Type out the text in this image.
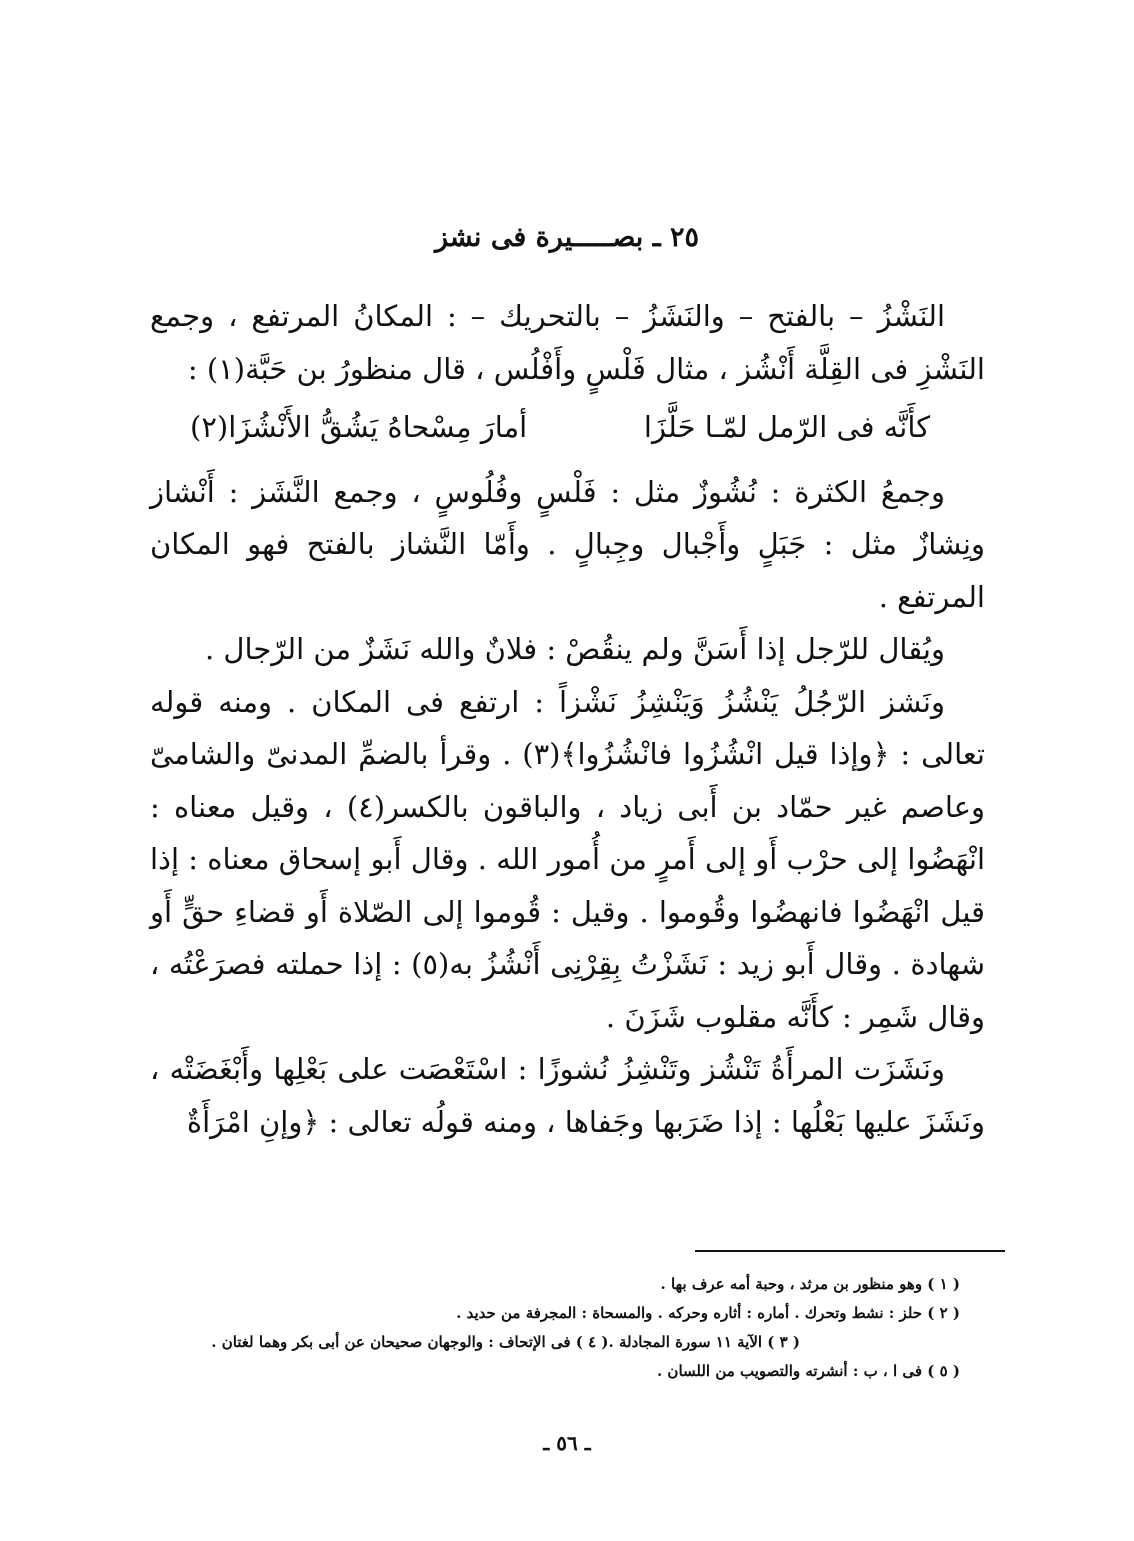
٢٥ ـ بصـــــيرة فى نشز

النَشْزُ – بالفتح – والنَشَزُ – بالتحريك – : المكانُ المرتفع ، وجمع النَشْزِ فى القِلَّة أَنْشُز ، مثال فَلْسٍ وأَفْلُس ، قال منظورُ بن حَبَّة(١) :

كأَنَّه فى الرّمل لمّـا حَلَّزَا
أمارَ مِسْحاهُ يَشُقُّ الأَنْشُزَا(٢)

وجمعُ الكثرة : نُشُوزٌ مثل : فَلْسٍ وفُلُوسٍ ، وجمع النَّشَز : أَنْشاز ونِشازٌ مثل : جَبَلٍ وأَجْبال وجِبالٍ . وأَمّا النَّشاز بالفتح فهو المكان المرتفع .

ويُقال للرّجل إذا أَسَنَّ ولم ينقُصْ : فلانٌ والله نَشَزٌ من الرّجال .

ونَشز الرّجُلُ يَنْشُزُ وَيَنْشِزُ نَشْزاً : ارتفع فى المكان . ومنه قوله تعالى : ﴿وإذا قيل انْشُزُوا فانْشُزُوا﴾(٣) . وقرأ بالضمِّ المدنىّ والشامىّ وعاصم غير حمّاد بن أَبى زياد ، والباقون بالكسر(٤) ، وقيل معناه : انْهَضُوا إلى حرْب أَو إلى أَمرٍ من أُمور الله . وقال أَبو إسحاق معناه : إذا قيل انْهَضُوا فانهضُوا وقُوموا . وقيل : قُوموا إلى الصّلاة أَو قضاءِ حقٍّ أَو شهادة . وقال أَبو زيد : نَشَزْتُ بِقِرْنِى أَنْشُزُ به(٥) : إذا حملته فصرَعْتُه ، وقال شَمِر : كأَنَّه مقلوب شَزَنَ .

ونَشَزَت المرأَةُ تَنْشُز وتَنْشِزُ نُشوزًا : اسْتَعْصَت على بَعْلِها وأَبْغَضَتْه ، ونَشَزَ عليها بَعْلُها : إذا ضَرَبها وجَفاها ، ومنه قولُه تعالى : ﴿وإنِ امْرَأَةٌ

( ١ ) وهو منظور بن مرثد ، وحبة أمه عرف بها .
( ٢ ) حلز : نشط وتحرك . أماره : أثاره وحركه . والمسحاة : المجرفة من حديد .
( ٣ ) الآية ١١ سورة المجادلة .
( ٤ ) فى الإتحاف : والوجهان صحيحان عن أبى بكر وهما لغتان .
( ٥ ) فى ا ، ب : أنشرته والتصويب من اللسان .
ـ ٥٦ ـ
